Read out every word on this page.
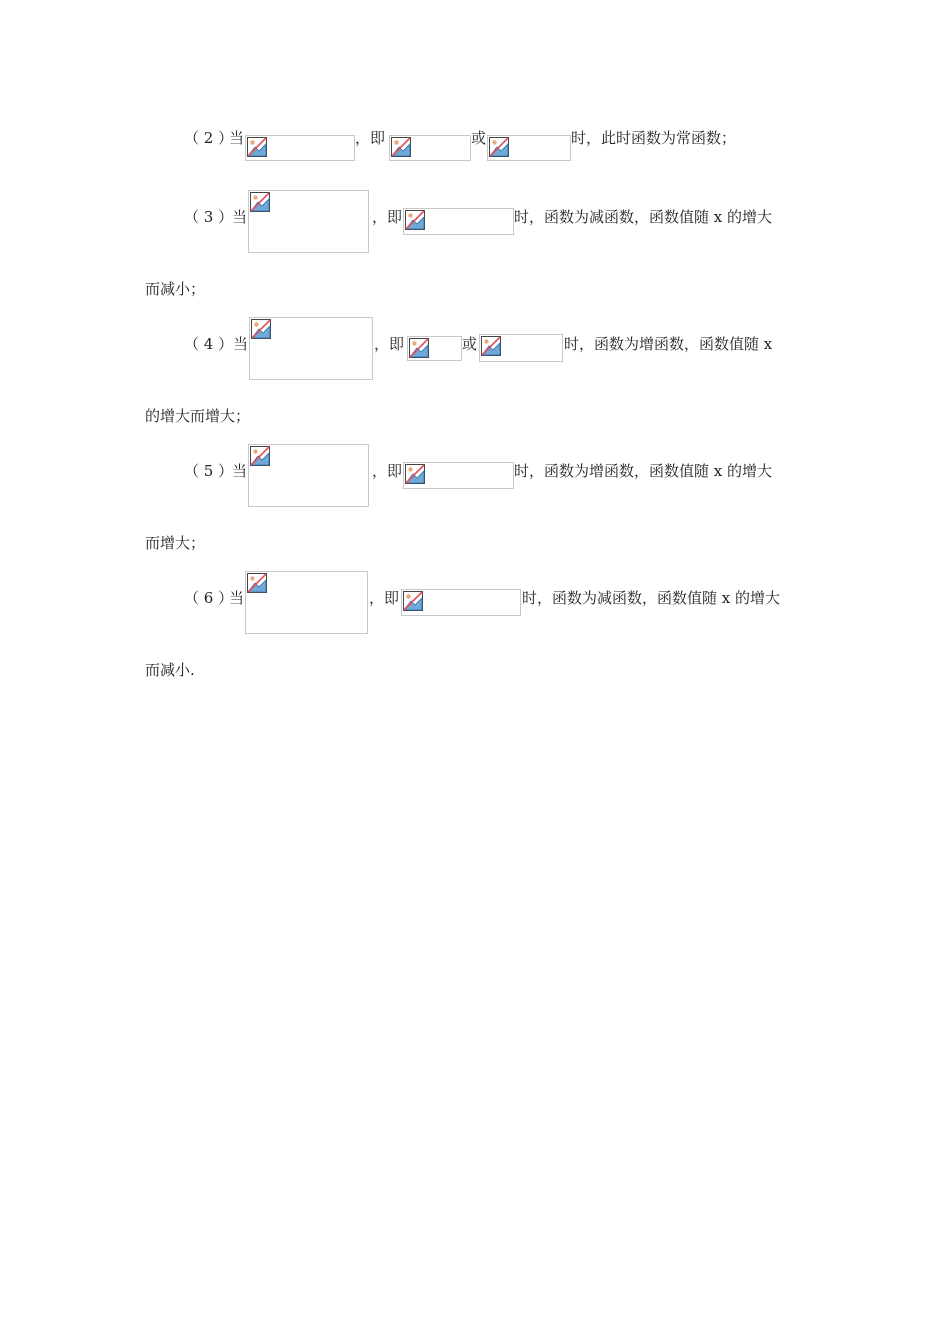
（ 2 ）
当	，即	或	时，此时函数为常函数；
（ 3 ）
当	，即	时，函数为减函数，函数值随 x 的增大
而减小；
（ 4 ） 当	，即	或	时，函数为增函数，函数值随 x
的增大而增大；
（ 5 ）
当	，即	时，函数为增函数，函数值随 x 的增大
而增大；
（ 6 ）
当	，即	时，函数为减函数，函数值随 x 的增大
而减小.
